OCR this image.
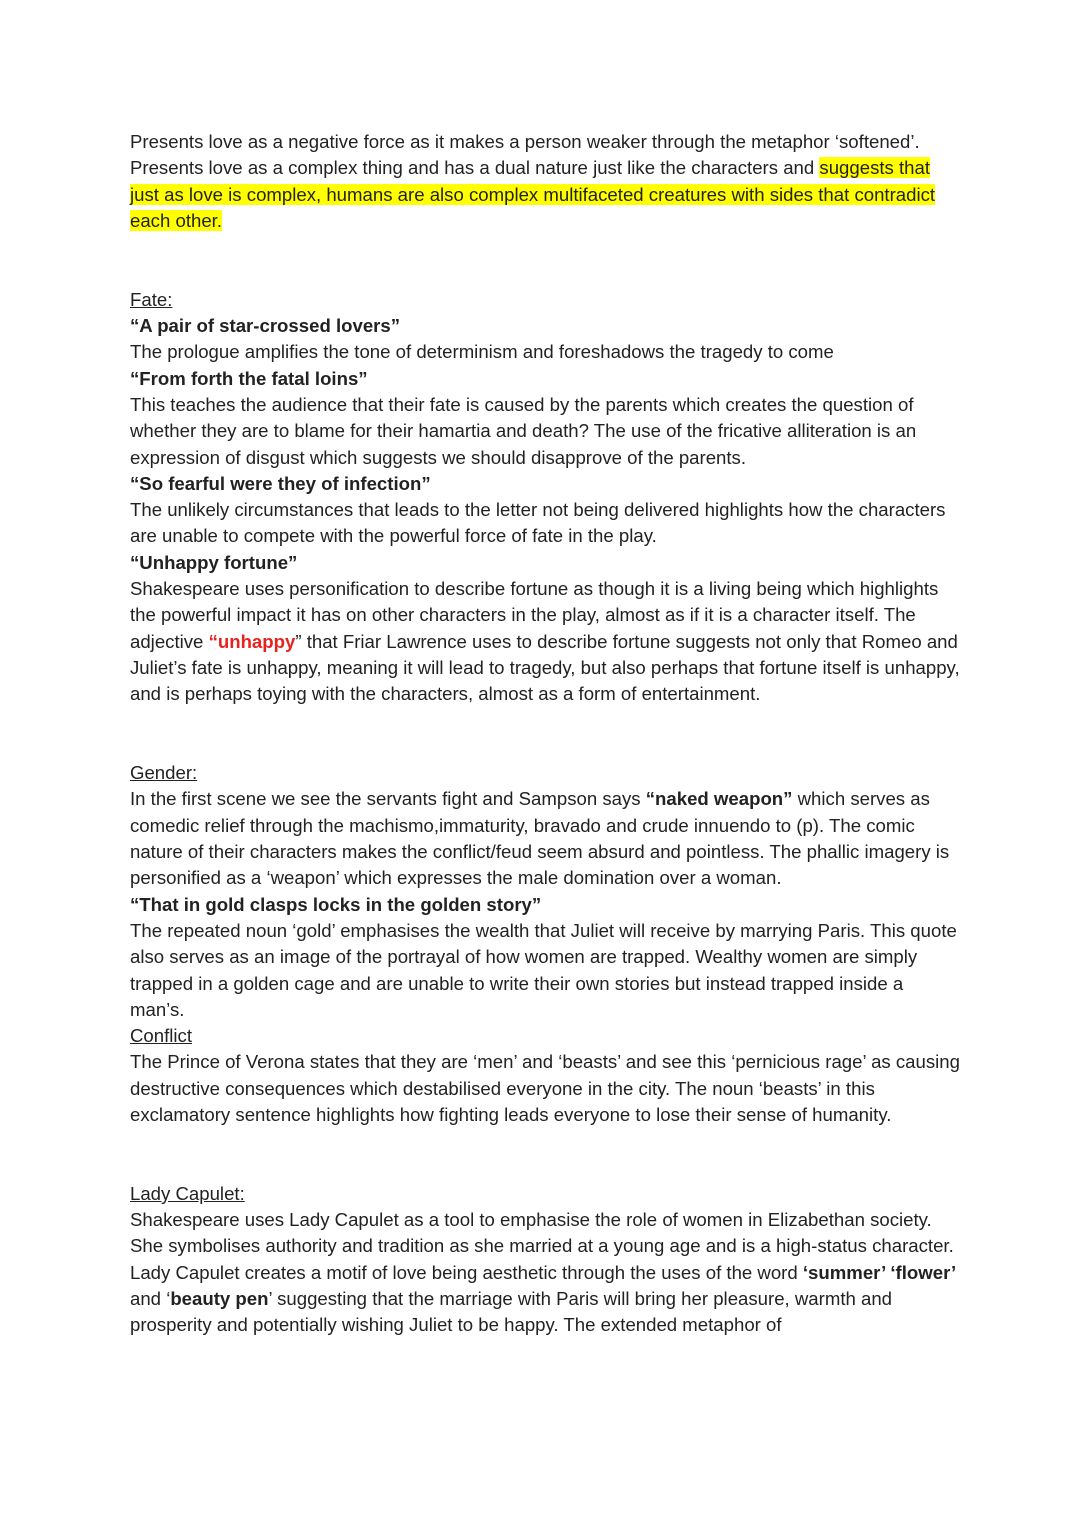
Presents love as a negative force as it makes a person weaker through the metaphor ‘softened’. Presents love as a complex thing and has a dual nature just like the characters and suggests that just as love is complex, humans are also complex multifaceted creatures with sides that contradict each other.

Fate:
“A pair of star-crossed lovers”

The prologue amplifies the tone of determinism and foreshadows the tragedy to come

“From forth the fatal loins”

This teaches the audience that their fate is caused by the parents which creates the question of whether they are to blame for their hamartia and death? The use of the fricative alliteration is an expression of disgust which suggests we should disapprove of the parents.

“So fearful were they of infection”

The unlikely circumstances that leads to the letter not being delivered highlights how the characters are unable to compete with the powerful force of fate in the play.

“Unhappy fortune”

Shakespeare uses personification to describe fortune as though it is a living being which highlights the powerful impact it has on other characters in the play, almost as if it is a character itself. The adjective “unhappy” that Friar Lawrence uses to describe fortune suggests not only that Romeo and Juliet’s fate is unhappy, meaning it will lead to tragedy, but also perhaps that fortune itself is unhappy, and is perhaps toying with the characters, almost as a form of entertainment.

Gender:

In the first scene we see the servants fight and Sampson says “naked weapon” which serves as comedic relief through the machismo,immaturity, bravado and crude innuendo to (p). The comic nature of their characters makes the conflict/feud seem absurd and pointless. The phallic imagery is personified as a ‘weapon’ which expresses the male domination over a woman.

“That in gold clasps locks in the golden story”

The repeated noun ‘gold’ emphasises the wealth that Juliet will receive by marrying Paris. This quote also serves as an image of the portrayal of how women are trapped. Wealthy women are simply trapped in a golden cage and are unable to write their own stories but instead trapped inside a man’s.

Conflict

The Prince of Verona states that they are ‘men’ and ‘beasts’ and see this ‘pernicious rage’ as causing destructive consequences which destabilised everyone in the city. The noun ‘beasts’ in this exclamatory sentence highlights how fighting leads everyone to lose their sense of humanity.

Lady Capulet:

Shakespeare uses Lady Capulet as a tool to emphasise the role of women in Elizabethan society. She symbolises authority and tradition as she married at a young age and is a high-status character.

Lady Capulet creates a motif of love being aesthetic through the uses of the word ‘summer’ ‘flower’ and ‘beauty pen’ suggesting that the marriage with Paris will bring her pleasure, warmth and prosperity and potentially wishing Juliet to be happy. The extended metaphor of
